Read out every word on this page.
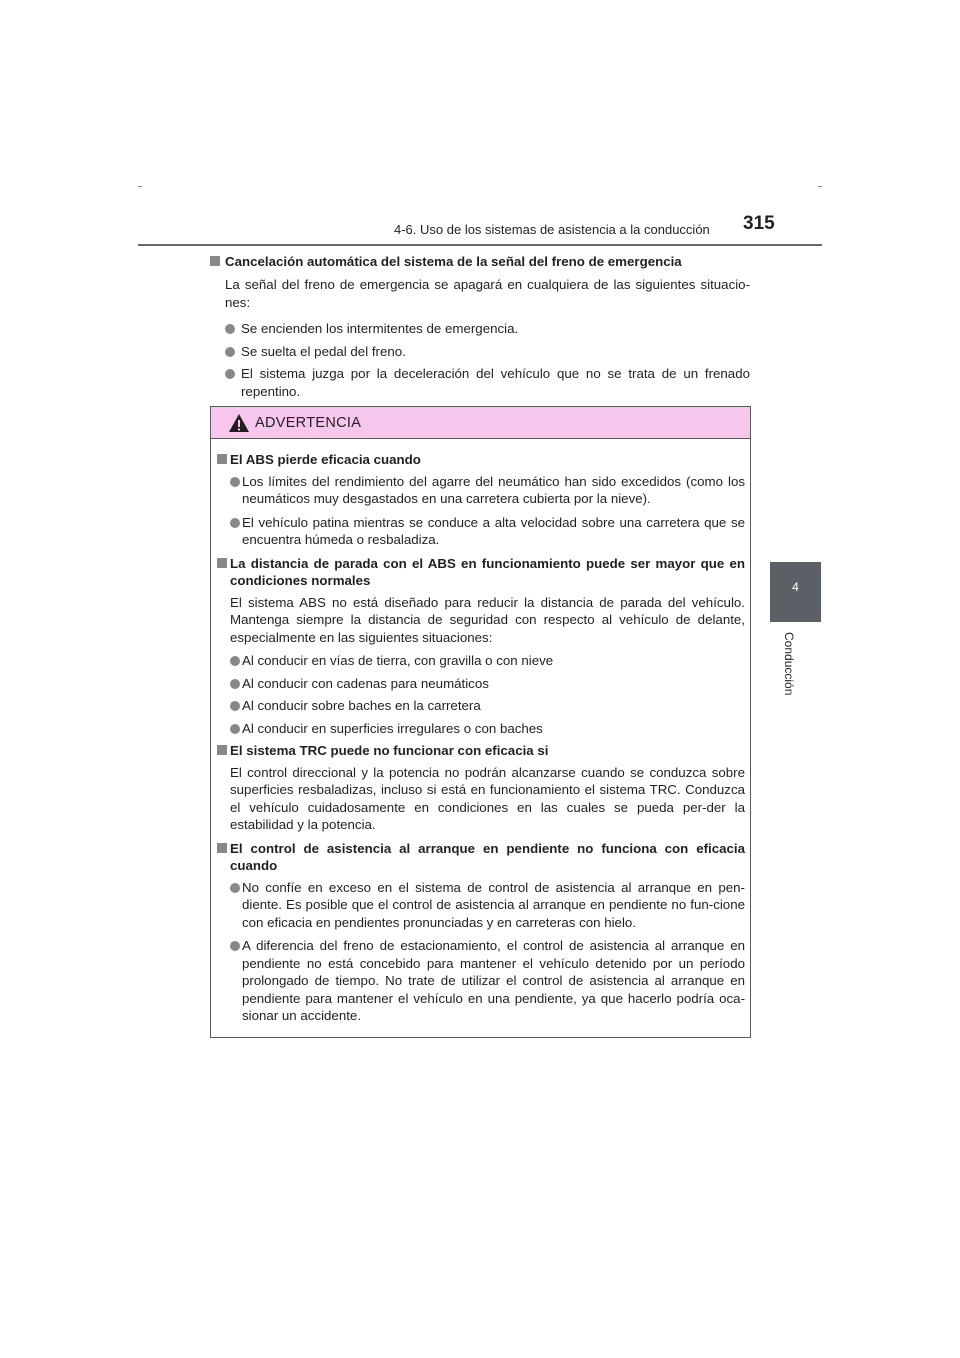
4-6. Uso de los sistemas de asistencia a la conducción 315
4
Conducción
Cancelación automática del sistema de la señal del freno de emergencia
La señal del freno de emergencia se apagará en cualquiera de las siguientes situacio-nes:
Se encienden los intermitentes de emergencia.
Se suelta el pedal del freno.
El sistema juzga por la deceleración del vehículo que no se trata de un frenado repentino.
ADVERTENCIA
El ABS pierde eficacia cuando
Los límites del rendimiento del agarre del neumático han sido excedidos (como los neumáticos muy desgastados en una carretera cubierta por la nieve).
El vehículo patina mientras se conduce a alta velocidad sobre una carretera que se encuentra húmeda o resbaladiza.
La distancia de parada con el ABS en funcionamiento puede ser mayor que en condiciones normales
El sistema ABS no está diseñado para reducir la distancia de parada del vehículo. Mantenga siempre la distancia de seguridad con respecto al vehículo de delante, especialmente en las siguientes situaciones:
Al conducir en vías de tierra, con gravilla o con nieve
Al conducir con cadenas para neumáticos
Al conducir sobre baches en la carretera
Al conducir en superficies irregulares o con baches
El sistema TRC puede no funcionar con eficacia si
El control direccional y la potencia no podrán alcanzarse cuando se conduzca sobre superficies resbaladizas, incluso si está en funcionamiento el sistema TRC. Conduzca el vehículo cuidadosamente en condiciones en las cuales se pueda per-der la estabilidad y la potencia.
El control de asistencia al arranque en pendiente no funciona con eficacia cuando
No confíe en exceso en el sistema de control de asistencia al arranque en pen-diente. Es posible que el control de asistencia al arranque en pendiente no fun-cione con eficacia en pendientes pronunciadas y en carreteras con hielo.
A diferencia del freno de estacionamiento, el control de asistencia al arranque en pendiente no está concebido para mantener el vehículo detenido por un período prolongado de tiempo. No trate de utilizar el control de asistencia al arranque en pendiente para mantener el vehículo en una pendiente, ya que hacerlo podría oca-sionar un accidente.
